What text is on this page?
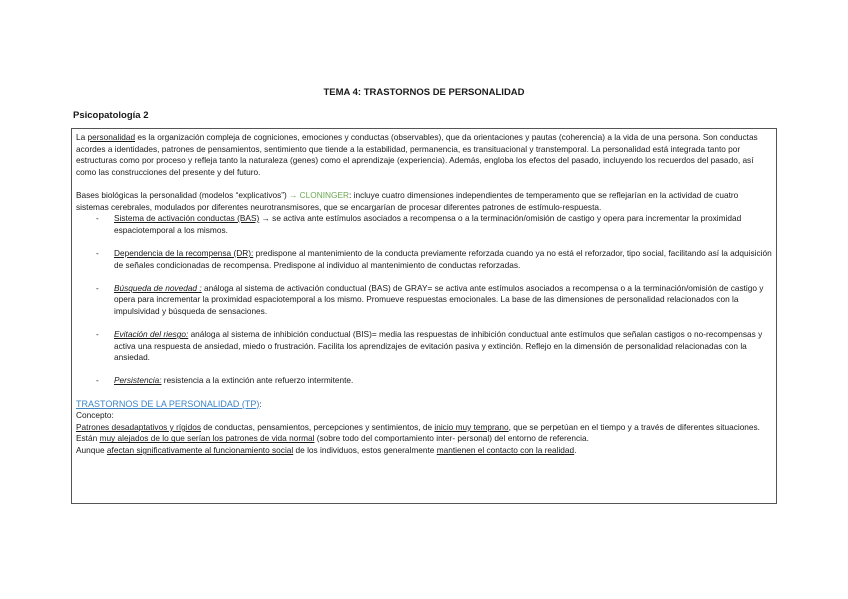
TEMA 4: TRASTORNOS DE PERSONALIDAD
Psicopatología 2

La personalidad es la organización compleja de cogniciones, emociones y conductas (observables), que da orientaciones y pautas (coherencia) a la vida de una persona. Son conductas acordes a identidades, patrones de pensamientos, sentimiento que tiende a la estabilidad, permanencia, es transituacional y transtemporal. La personalidad está integrada tanto por estructuras como por proceso y refleja tanto la naturaleza (genes) como el aprendizaje (experiencia). Además, engloba los efectos del pasado, incluyendo los recuerdos del pasado, así como las construcciones del presente y del futuro.

Bases biológicas la personalidad (modelos “explicativos”) → CLONINGER: incluye cuatro dimensiones independientes de temperamento que se reflejarían en la actividad de cuatro sistemas cerebrales, modulados por diferentes neurotransmisores, que se encargarían de procesar diferentes patrones de estímulo-respuesta.

- Sistema de activación conductas (BAS) → se activa ante estímulos asociados a recompensa o a la terminación/omisión de castigo y opera para incrementar la proximidad espaciotemporal a los mismos.
- Dependencia de la recompensa (DR): predispone al mantenimiento de la conducta previamente reforzada cuando ya no está el reforzador, tipo social, facilitando así la adquisición de señales condicionadas de recompensa. Predispone al individuo al mantenimiento de conductas reforzadas.
- Búsqueda de novedad : análoga al sistema de activación conductual (BAS) de GRAY= se activa ante estímulos asociados a recompensa o a la terminación/omisión de castigo y opera para incrementar la proximidad espaciotemporal a los mismo. Promueve respuestas emocionales. La base de las dimensiones de personalidad relacionados con la impulsividad y búsqueda de sensaciones.
- Evitación del riesgo: análoga al sistema de inhibición conductual (BIS)= media las respuestas de inhibición conductual ante estímulos que señalan castigos o no-recompensas y activa una respuesta de ansiedad, miedo o frustración. Facilita los aprendizajes de evitación pasiva y extinción. Reflejo en la dimensión de personalidad relacionadas con la ansiedad.
- Persistencia: resistencia a la extinción ante refuerzo intermitente.

TRASTORNOS DE LA PERSONALIDAD (TP):

Concepto:

Patrones desadaptativos y rígidos de conductas, pensamientos, percepciones y sentimientos, de inicio muy temprano, que se perpetúan en el tiempo y a través de diferentes situaciones.

Están muy alejados de lo que serían los patrones de vida normal (sobre todo del comportamiento inter- personal) del entorno de referencia.

Aunque afectan significativamente al funcionamiento social de los individuos, estos generalmente mantienen el contacto con la realidad.
